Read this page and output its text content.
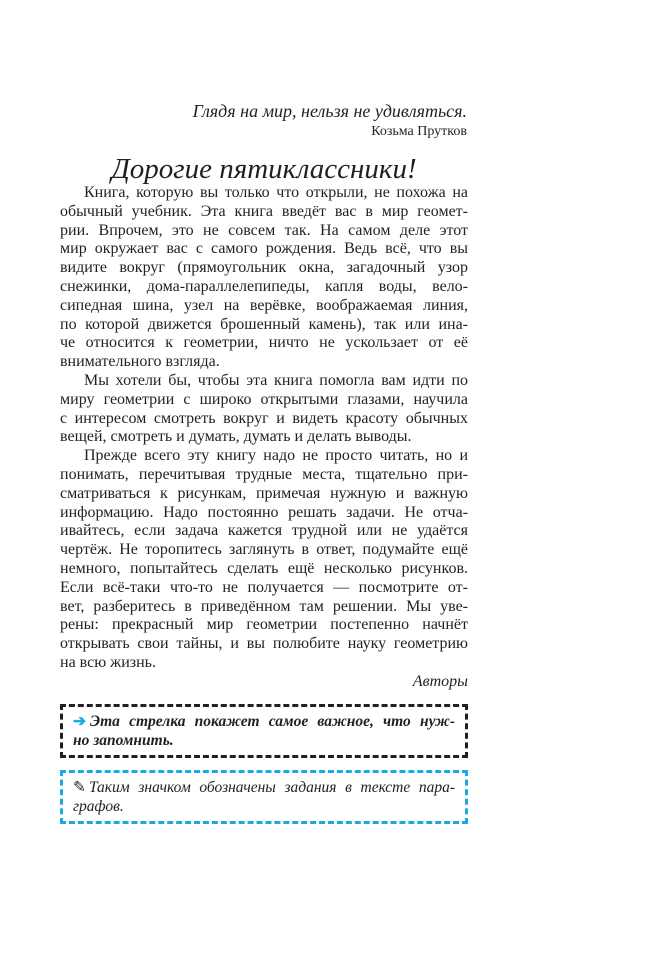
Глядя на мир, нельзя не удивляться.
Козьма Прутков
Дорогие пятиклассники!
Книга, которую вы только что открыли, не похожа на
обычный учебник. Эта книга введёт вас в мир геомет-
рии. Впрочем, это не совсем так. На самом деле этот
мир окружает вас с самого рождения. Ведь всё, что вы
видите вокруг (прямоугольник окна, загадочный узор
снежинки, дома-параллелепипеды, капля воды, вело-
сипедная шина, узел на верёвке, воображаемая линия,
по которой движется брошенный камень), так или ина-
че относится к геометрии, ничто не ускользает от её
внимательного взгляда.
Мы хотели бы, чтобы эта книга помогла вам идти по
миру геометрии с широко открытыми глазами, научила
с интересом смотреть вокруг и видеть красоту обычных
вещей, смотреть и думать, думать и делать выводы.
Прежде всего эту книгу надо не просто читать, но и
понимать, перечитывая трудные места, тщательно при-
сматриваться к рисункам, примечая нужную и важную
информацию. Надо постоянно решать задачи. Не отча-
ивайтесь, если задача кажется трудной или не удаётся
чертёж. Не торопитесь заглянуть в ответ, подумайте ещё
немного, попытайтесь сделать ещё несколько рисунков.
Если всё-таки что-то не получается — посмотрите от-
вет, разберитесь в приведённом там решении. Мы уве-
рены: прекрасный мир геометрии постепенно начнёт
открывать свои тайны, и вы полюбите науку геометрию
на всю жизнь.
Авторы
➔ Эта стрелка покажет самое важное, что нуж-
но запомнить.
✎ Таким значком обозначены задания в тексте пара-
графов.
